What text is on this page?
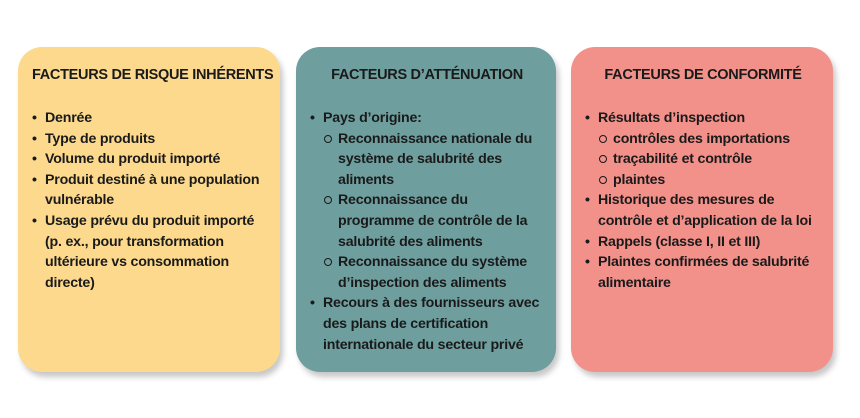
FACTEURS DE RISQUE INHÉRENTS
• Denrée
• Type de produits
• Volume du produit importé
• Produit destiné à une population vulnérable
• Usage prévu du produit importé (p. ex., pour transformation ultérieure vs consommation directe)
FACTEURS D’ATTÉNUATION
• Pays d’origine:
Reconnaissance nationale du système de salubrité des aliments
Reconnaissance du programme de contrôle de la salubrité des aliments
Reconnaissance du système d’inspection des aliments
• Recours à des fournisseurs avec des plans de certification internationale du secteur privé
FACTEURS DE CONFORMITÉ
• Résultats d’inspection
contrôles des importations
traçabilité et contrôle
plaintes
• Historique des mesures de contrôle et d’application de la loi
• Rappels (classe I, II et III)
• Plaintes confirmées de salubrité alimentaire
